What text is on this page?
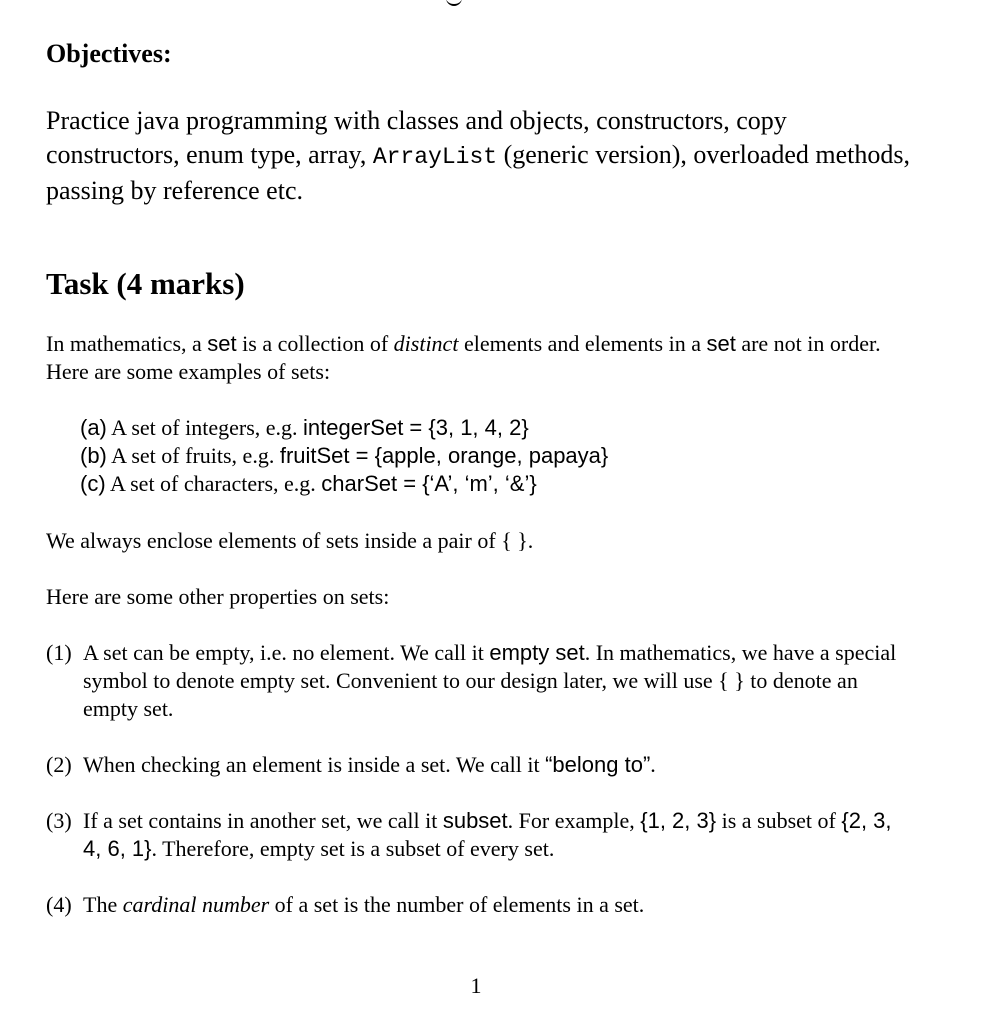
Objectives:

Practice java programming with classes and objects, constructors, copy constructors, enum type, array, ArrayList (generic version), overloaded methods, passing by reference etc.

Task (4 marks)

In mathematics, a set is a collection of distinct elements and elements in a set are not in order. Here are some examples of sets:

(a) A set of integers, e.g. integerSet = {3, 1, 4, 2}
(b) A set of fruits, e.g. fruitSet = {apple, orange, papaya}
(c) A set of characters, e.g. charSet = {‘A’, ‘m’, ‘&’}

We always enclose elements of sets inside a pair of { }.

Here are some other properties on sets:

(1) A set can be empty, i.e. no element. We call it empty set. In mathematics, we have a special symbol to denote empty set. Convenient to our design later, we will use { } to denote an empty set.
(2) When checking an element is inside a set. We call it “belong to”.
(3) If a set contains in another set, we call it subset. For example, {1, 2, 3} is a subset of {2, 3, 4, 6, 1}. Therefore, empty set is a subset of every set.
(4) The cardinal number of a set is the number of elements in a set.
1
